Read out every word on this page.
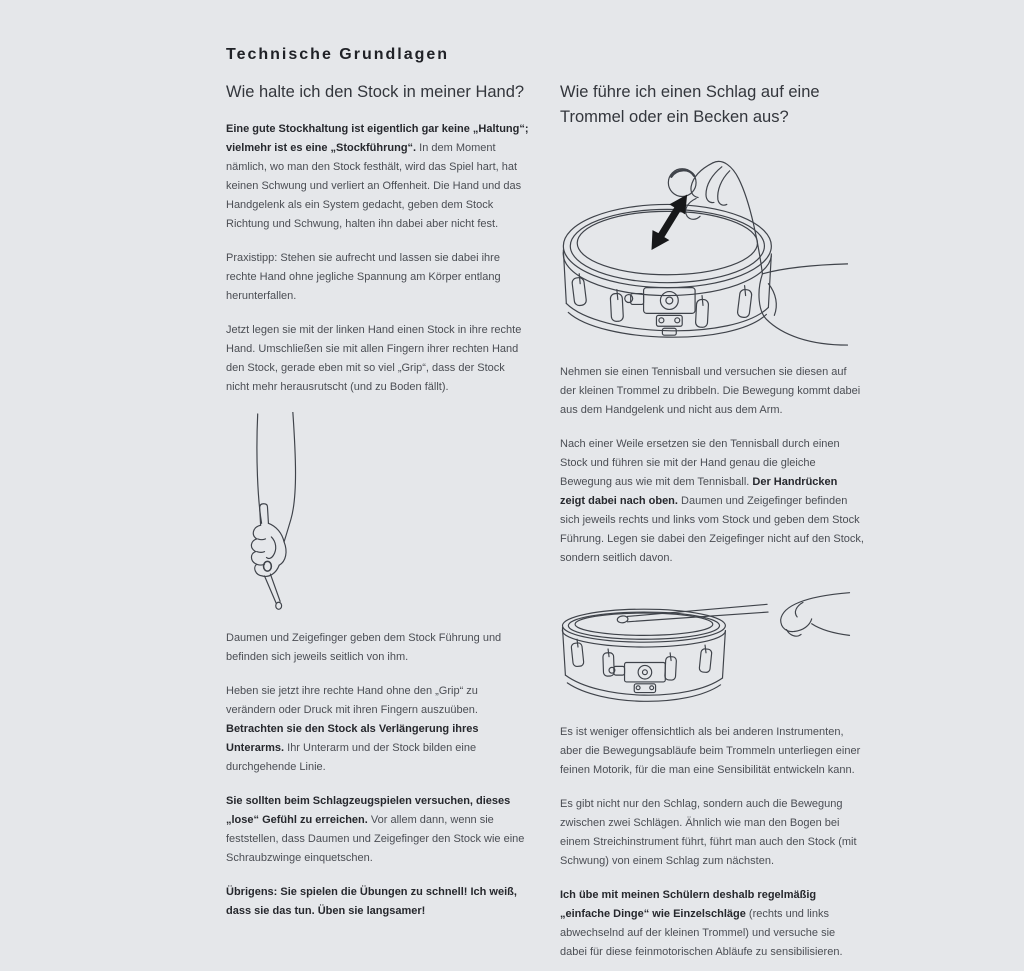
Technische Grundlagen
Wie halte ich den Stock in meiner Hand?

Eine gute Stockhaltung ist eigentlich gar keine „Haltung“; vielmehr ist es eine „Stockführung“. In dem Moment nämlich, wo man den Stock festhält, wird das Spiel hart, hat keinen Schwung und verliert an Offenheit. Die Hand und das Handgelenk als ein System gedacht, geben dem Stock Richtung und Schwung, halten ihn dabei aber nicht fest.

Praxistipp: Stehen sie aufrecht und lassen sie dabei ihre rechte Hand ohne jegliche Spannung am Körper entlang herunterfallen.

Jetzt legen sie mit der linken Hand einen Stock in ihre rechte Hand. Umschließen sie mit allen Fingern ihrer rechten Hand den Stock, gerade eben mit so viel „Grip“, dass der Stock nicht mehr herausrutscht (und zu Boden fällt).

Daumen und Zeigefinger geben dem Stock Führung und befinden sich jeweils seitlich von ihm.

Heben sie jetzt ihre rechte Hand ohne den „Grip“ zu verändern oder Druck mit ihren Fingern auszuüben. Betrachten sie den Stock als Verlängerung ihres Unterarms. Ihr Unterarm und der Stock bilden eine durchgehende Linie.

Sie sollten beim Schlagzeugspielen versuchen, dieses „lose“ Gefühl zu erreichen. Vor allem dann, wenn sie feststellen, dass Daumen und Zeigefinger den Stock wie eine Schraubzwinge einquetschen.

Übrigens: Sie spielen die Übungen zu schnell! Ich weiß, dass sie das tun. Üben sie langsamer!

Wie führe ich einen Schlag auf eine Trommel oder ein Becken aus?

Nehmen sie einen Tennisball und versuchen sie diesen auf der kleinen Trommel zu dribbeln. Die Bewegung kommt dabei aus dem Handgelenk und nicht aus dem Arm.

Nach einer Weile ersetzen sie den Tennisball durch einen Stock und führen sie mit der Hand genau die gleiche Bewegung aus wie mit dem Tennisball. Der Handrücken zeigt dabei nach oben. Daumen und Zeigefinger befinden sich jeweils rechts und links vom Stock und geben dem Stock Führung. Legen sie dabei den Zeigefinger nicht auf den Stock, sondern seitlich davon.

Es ist weniger offensichtlich als bei anderen Instrumenten, aber die Bewegungsabläufe beim Trommeln unterliegen einer feinen Motorik, für die man eine Sensibilität entwickeln kann.

Es gibt nicht nur den Schlag, sondern auch die Bewegung zwischen zwei Schlägen. Ähnlich wie man den Bogen bei einem Streichinstrument führt, führt man auch den Stock (mit Schwung) von einem Schlag zum nächsten.

Ich übe mit meinen Schülern deshalb regelmäßig „einfache Dinge“ wie Einzelschläge (rechts und links abwechselnd auf der kleinen Trommel) und versuche sie dabei für diese feinmotorischen Abläufe zu sensibilisieren.
